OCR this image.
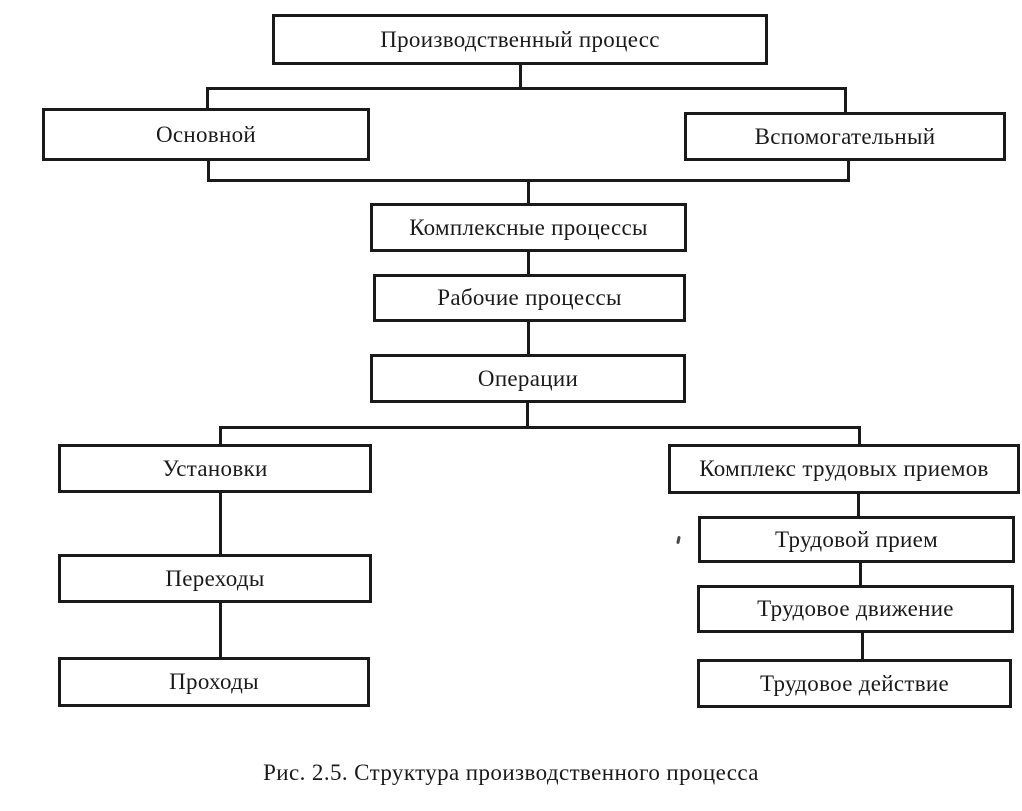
Производственный процесс
Основной	Вспомогательный
Комплексные процессы
Рабочие процессы
Операции
Установки
Переходы
Проходы
Комплекс трудовых приемов
Трудовой прием
Трудовое движение
Трудовое действие
Рис. 2.5. Структура производственного процесса
